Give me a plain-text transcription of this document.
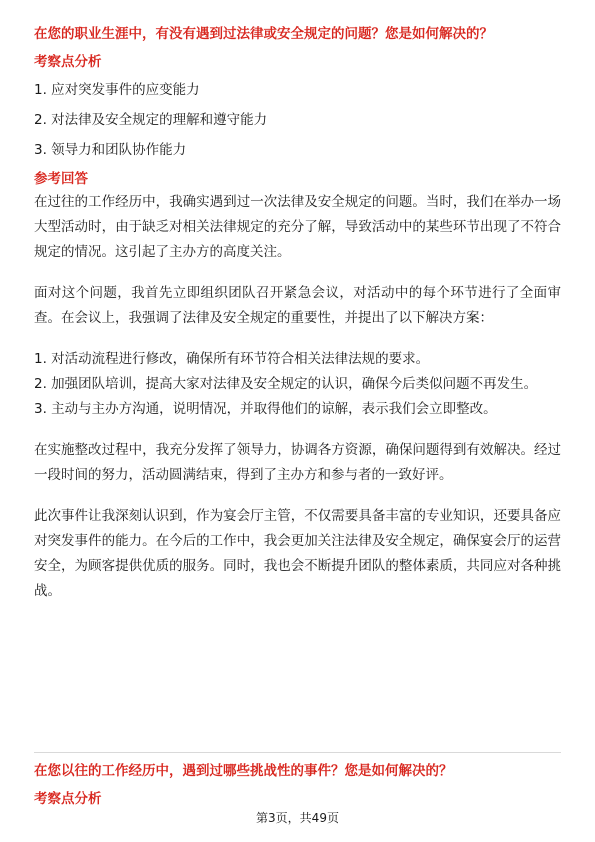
在您的职业生涯中，有没有遇到过法律或安全规定的问题？您是如何解决的？

考察点分析

1. 应对突发事件的应变能力

2. 对法律及安全规定的理解和遵守能力

3. 领导力和团队协作能力

参考回答

在过往的工作经历中，我确实遇到过一次法律及安全规定的问题。当时，我们在举办一场大型活动时，由于缺乏对相关法律规定的充分了解，导致活动中的某些环节出现了不符合规定的情况。这引起了主办方的高度关注。

面对这个问题，我首先立即组织团队召开紧急会议，对活动中的每个环节进行了全面审查。在会议上，我强调了法律及安全规定的重要性，并提出了以下解决方案：

1. 对活动流程进行修改，确保所有环节符合相关法律法规的要求。

2. 加强团队培训，提高大家对法律及安全规定的认识，确保今后类似问题不再发生。

3. 主动与主办方沟通，说明情况，并取得他们的谅解，表示我们会立即整改。

在实施整改过程中，我充分发挥了领导力，协调各方资源，确保问题得到有效解决。经过一段时间的努力，活动圆满结束，得到了主办方和参与者的一致好评。

此次事件让我深刻认识到，作为宴会厅主管，不仅需要具备丰富的专业知识，还要具备应对突发事件的能力。在今后的工作中，我会更加关注法律及安全规定，确保宴会厅的运营安全，为顾客提供优质的服务。同时，我也会不断提升团队的整体素质，共同应对各种挑战。

在您以往的工作经历中，遇到过哪些挑战性的事件？您是如何解决的？

考察点分析

第3页，共49页
